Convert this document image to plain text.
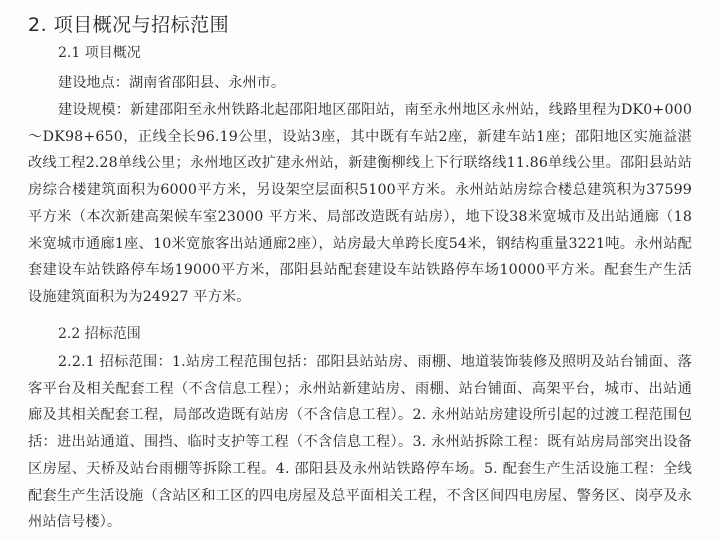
2. 项目概况与招标范围
2.1 项目概况
建设地点：湖南省邵阳县、永州市。
建设规模：新建邵阳至永州铁路北起邵阳地区邵阳站，南至永州地区永州站，线路里程为DK0+000～DK98+650，正线全长96.19公里，设站3座，其中既有车站2座，新建车站1座；邵阳地区实施益湛改线工程2.28单线公里；永州地区改扩建永州站，新建衡柳线上下行联络线11.86单线公里。邵阳县站站房综合楼建筑面积为6000平方米，另设架空层面积5100平方米。永州站站房综合楼总建筑积为37599平方米（本次新建高架候车室23000 平方米、局部改造既有站房），地下设38米宽城市及出站通廊（18米宽城市通廊1座、10米宽旅客出站通廊2座），站房最大单跨长度54米，钢结构重量3221吨。永州站配套建设车站铁路停车场19000平方米，邵阳县站配套建设车站铁路停车场10000平方米。配套生产生活设施建筑面积为为24927 平方米。
2.2 招标范围
2.2.1 招标范围：1.站房工程范围包括：邵阳县站站房、雨棚、地道装饰装修及照明及站台铺面、落客平台及相关配套工程（不含信息工程）；永州站新建站房、雨棚、站台铺面、高架平台，城市、出站通廊及其相关配套工程，局部改造既有站房（不含信息工程）。2. 永州站站房建设所引起的过渡工程范围包括：进出站通道、围挡、临时支护等工程（不含信息工程）。3. 永州站拆除工程：既有站房局部突出设备区房屋、天桥及站台雨棚等拆除工程。4. 邵阳县及永州站铁路停车场。5. 配套生产生活设施工程：全线配套生产生活设施（含站区和工区的四电房屋及总平面相关工程，不含区间四电房屋、警务区、岗亭及永州站信号楼）。
